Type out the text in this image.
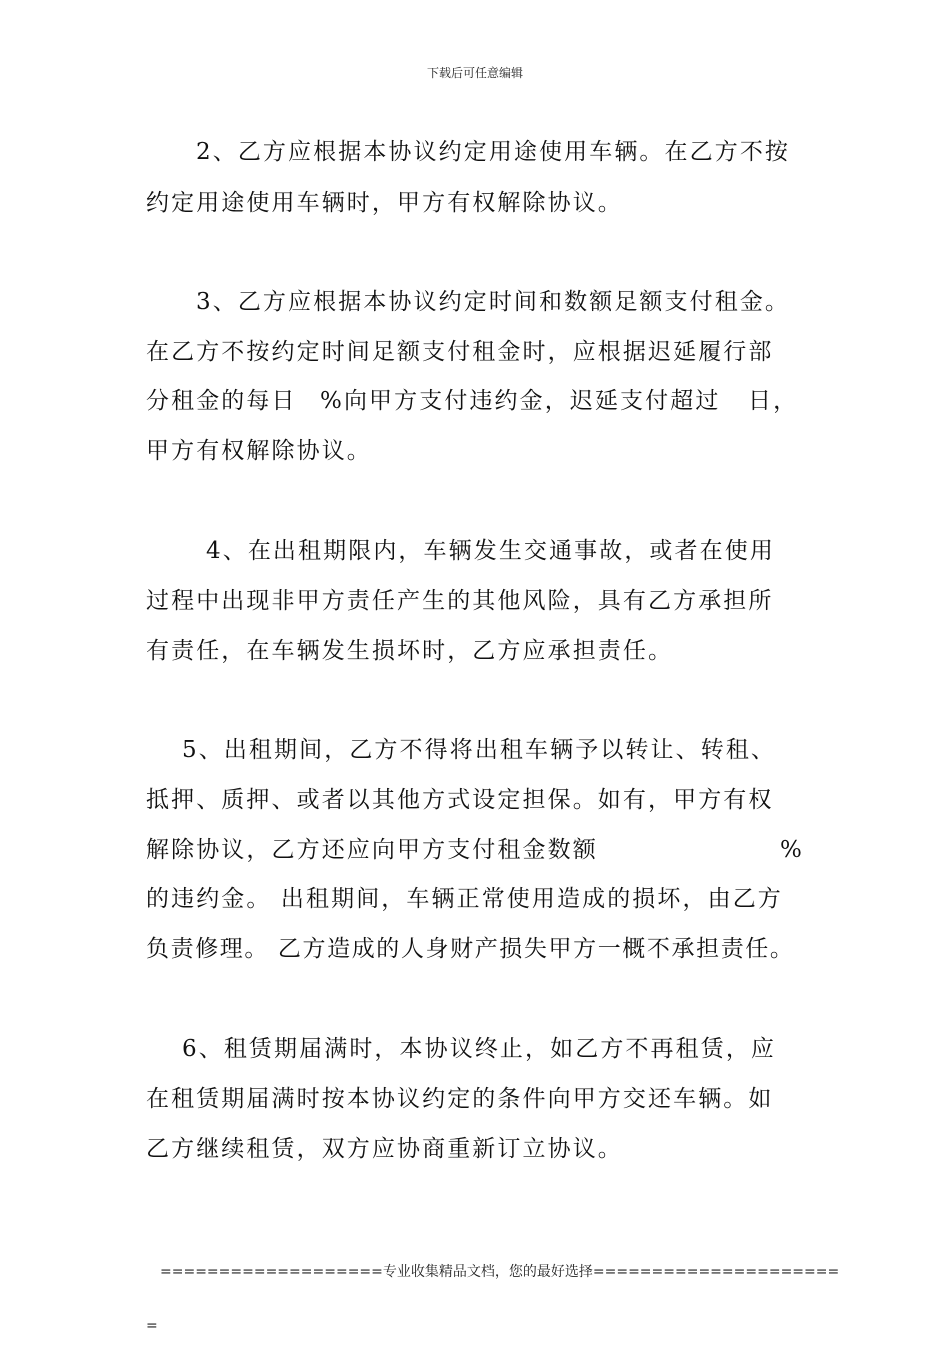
下载后可任意编辑
2、乙方应根据本协议约定用途使用车辆。在乙方不按
约定用途使用车辆时，甲方有权解除协议。
3、乙方应根据本协议约定时间和数额足额支付租金。
在乙方不按约定时间足额支付租金时，应根据迟延履行部
分租金的每日 %向甲方支付违约金，迟延支付超过 日，
甲方有权解除协议。
4、在出租期限内，车辆发生交通事故，或者在使用
过程中出现非甲方责任产生的其他风险，具有乙方承担所
有责任，在车辆发生损坏时，乙方应承担责任。
5、出租期间，乙方不得将出租车辆予以转让、转租、
抵押、质押、或者以其他方式设定担保。如有，甲方有权
解除协议，乙方还应向甲方支付租金数额	%
的违约金。 出租期间，车辆正常使用造成的损坏，由乙方
负责修理。 乙方造成的人身财产损失甲方一概不承担责任。
6、租赁期届满时，本协议终止，如乙方不再租赁，应
在租赁期届满时按本协议约定的条件向甲方交还车辆。如
乙方继续租赁，双方应协商重新订立协议。

===================专业收集精品文档，您的最好选择=====================

=
